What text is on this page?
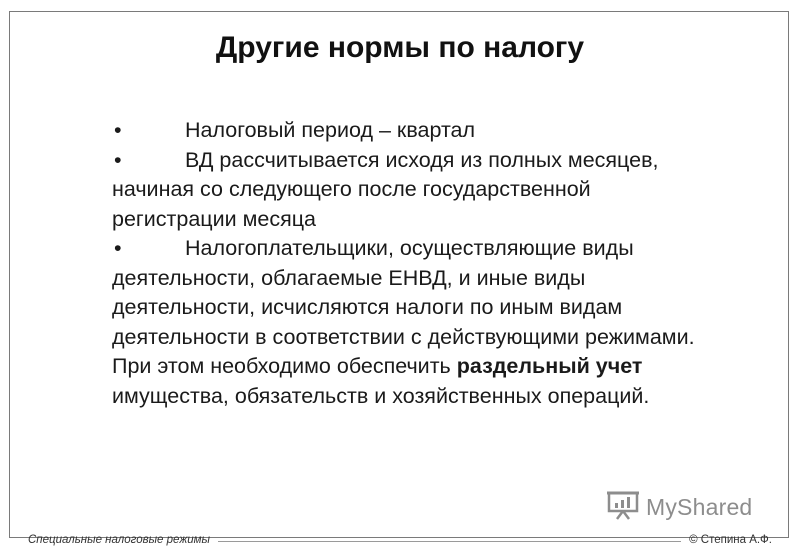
Другие нормы по налогу

•	Налоговый период – квартал

•	ВД рассчитывается исходя из полных месяцев, начиная со следующего после государственной регистрации месяца

•	Налогоплательщики, осуществляющие виды деятельности, облагаемые ЕНВД, и иные виды деятельности, исчисляются налоги по иным видам деятельности в соответствии с действующими режимами. При этом необходимо обеспечить раздельный учет имущества, обязательств и хозяйственных операций.

MyShared
Специальные налоговые режимы	© Степина А.Ф.
